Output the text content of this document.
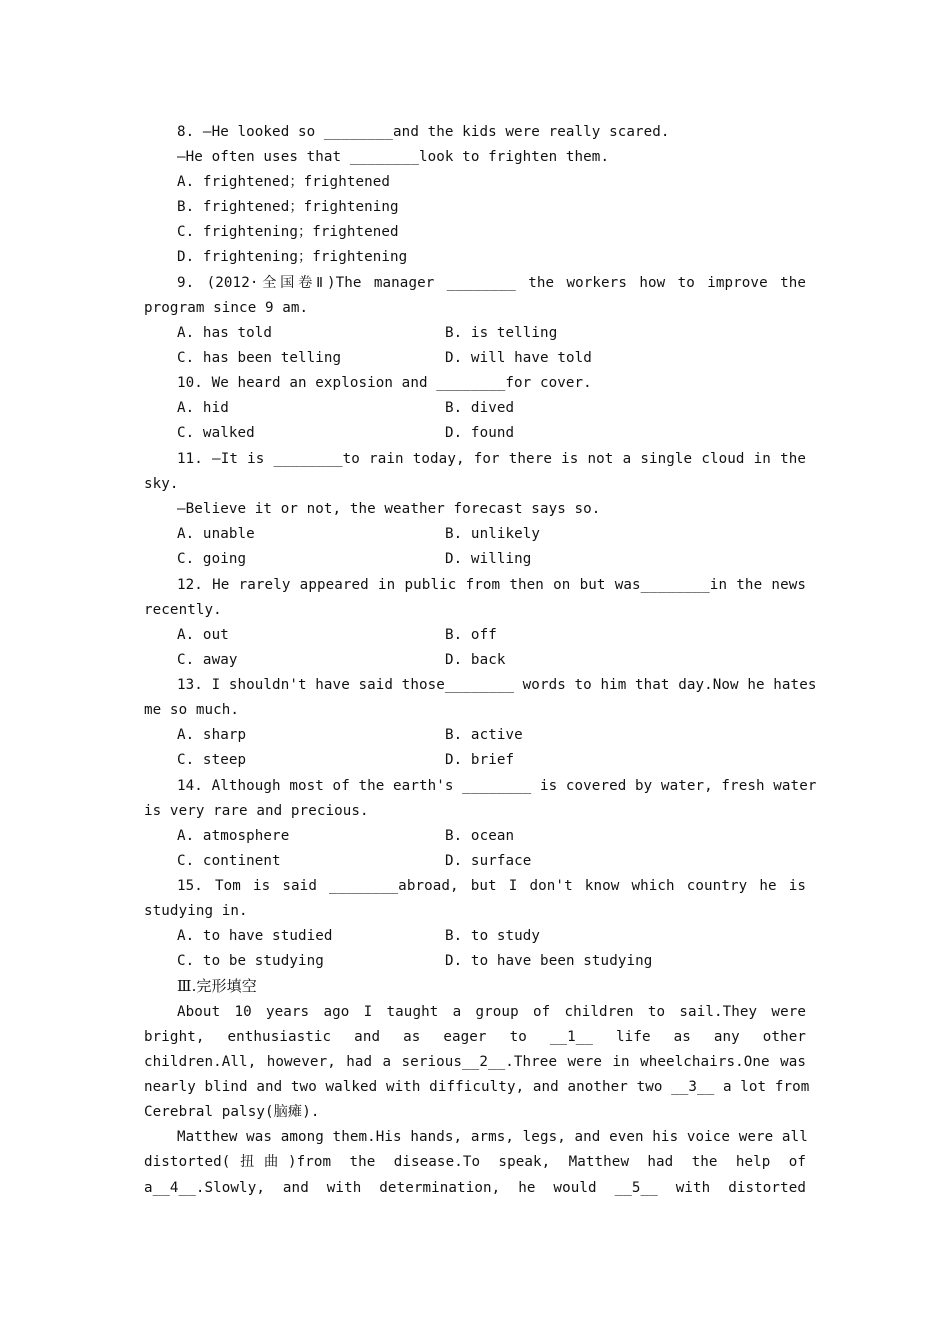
8. —He looked so ________and the kids were really scared.
—He often uses that ________look to frighten them.
A. frightened；frightened
B. frightened；frightening
C. frightening；frightened
D. frightening；frightening
9. (2012·全国卷Ⅱ)The manager ________ the workers how to improve the
program since 9 am.
A. has told	B. is telling
C. has been telling	D. will have told
10. We heard an explosion and ________for cover.
A. hid	B. dived
C. walked	D. found
11. —It is ________to rain today, for there is not a single cloud in the
sky.
—Believe it or not, the weather forecast says so.
A. unable	B. unlikely
C. going	D. willing
12. He rarely appeared in public from then on but was________in the news
recently.
A. out	B. off
C. away	D. back
13. I shouldn't have said those________ words to him that day.Now he hates
me so much.
A. sharp	B. active
C. steep	D. brief
14. Although most of the earth's ________ is covered by water, fresh water
is very rare and precious.
A. atmosphere	B. ocean
C. continent	D. surface
15. Tom is said ________abroad, but I don't know which country he is
studying in.
A. to have studied	B. to study
C. to be studying	D. to have been studying
Ⅲ.完形填空
About 10 years ago I taught a group of children to sail.They were
bright, enthusiastic and as eager to __1__ life as any other
children.All, however, had a serious__2__.Three were in wheelchairs.One was
nearly blind and two walked with difficulty, and another two __3__ a lot from
Cerebral palsy(脑瘫).
Matthew was among them.His hands, arms, legs, and even his voice were all
distorted(扭曲)from the disease.To speak, Matthew had the help of
a__4__.Slowly, and with determination, he would __5__ with distorted
